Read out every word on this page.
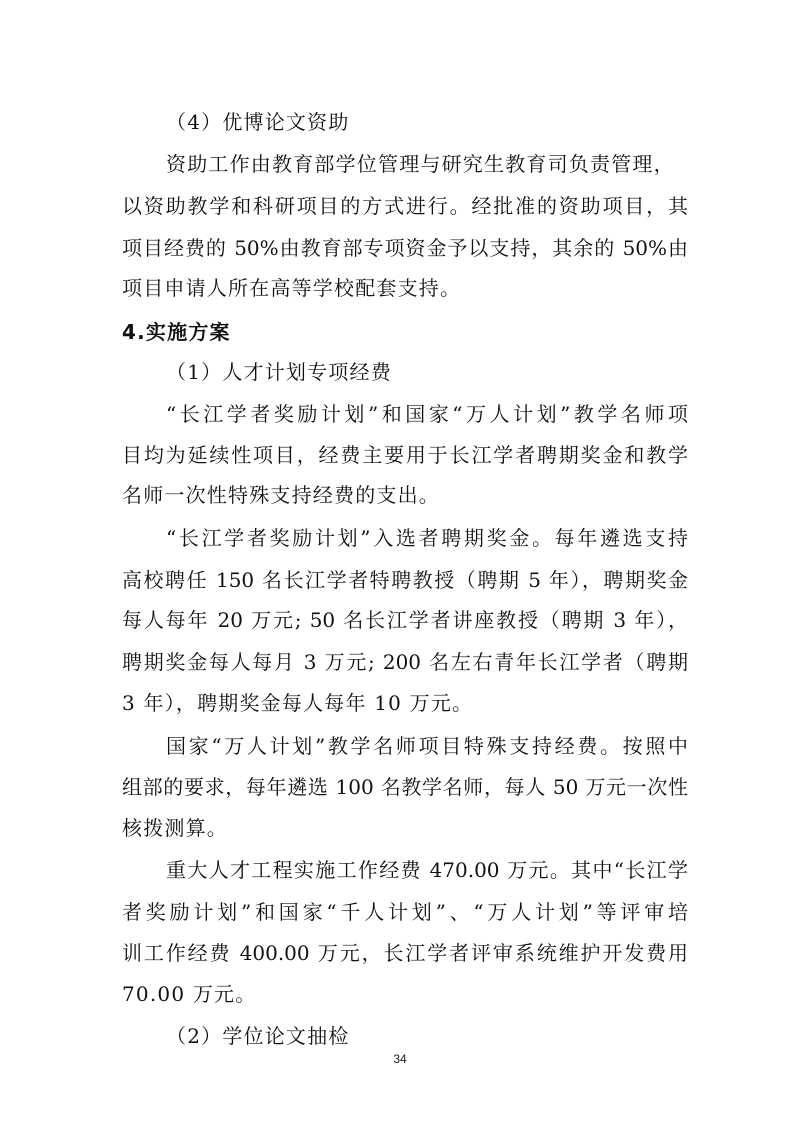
（4）优博论文资助
资助工作由教育部学位管理与研究生教育司负责管理，
以资助教学和科研项目的方式进行。经批准的资助项目，其
项目经费的 50%由教育部专项资金予以支持，其余的 50%由
项目申请人所在高等学校配套支持。
4.实施方案
（1）人才计划专项经费
“长江学者奖励计划”和国家“万人计划”教学名师项
目均为延续性项目，经费主要用于长江学者聘期奖金和教学
名师一次性特殊支持经费的支出。
“长江学者奖励计划”入选者聘期奖金。每年遴选支持
高校聘任 150 名长江学者特聘教授（聘期 5 年），聘期奖金
每人每年 20 万元; 50 名长江学者讲座教授（聘期 3 年），
聘期奖金每人每月 3 万元; 200 名左右青年长江学者（聘期
3 年），聘期奖金每人每年 10 万元。
国家“万人计划”教学名师项目特殊支持经费。按照中
组部的要求，每年遴选 100 名教学名师，每人 50 万元一次性
核拨测算。
重大人才工程实施工作经费 470.00 万元。其中“长江学
者奖励计划”和国家“千人计划”、“万人计划”等评审培
训工作经费 400.00 万元，长江学者评审系统维护开发费用
70.00 万元。
（2）学位论文抽检
34
